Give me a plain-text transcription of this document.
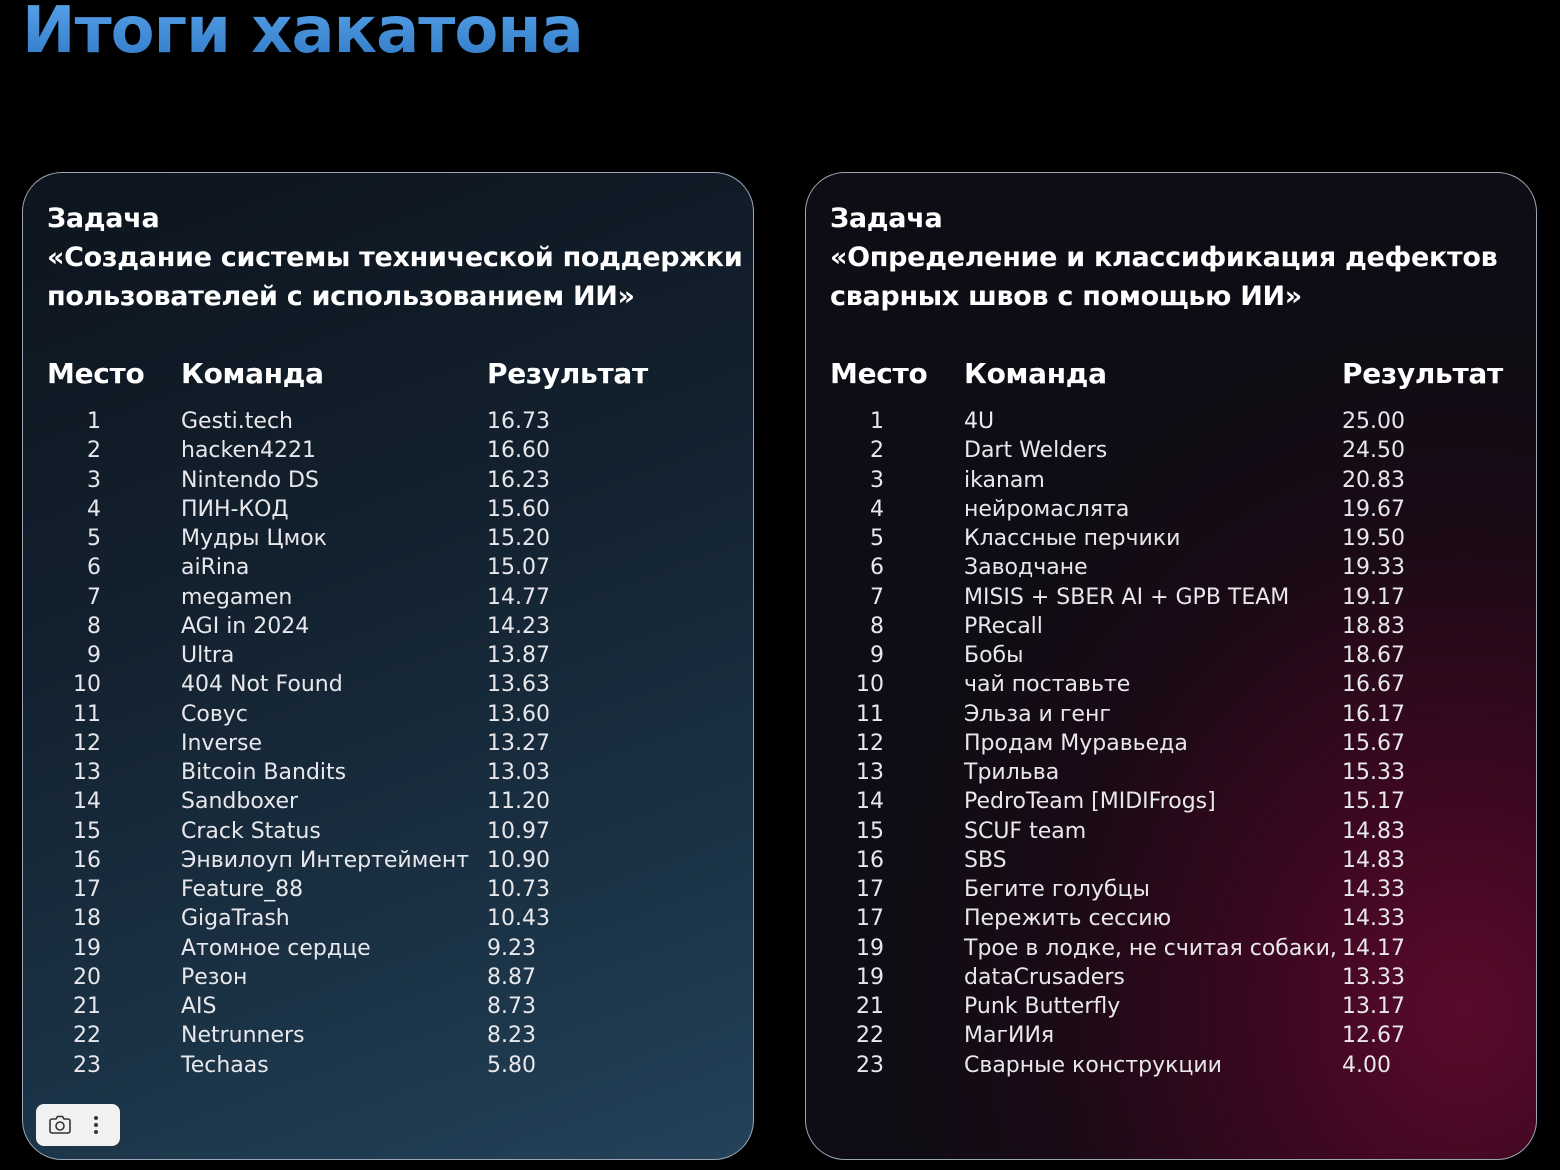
Итоги хакатона
Задача
«Создание системы технической поддержки
пользователей с использованием ИИ»
Место Команда	Результат
1	Gesti.tech	16.73
2	hacken4221	16.60
3	Nintendo DS	16.23
4	ПИН-КОД	15.60
5	Мудры Цмок	15.20
6	aiRina	15.07
7	megamen	14.77
8	AGI in 2024	14.23
9	Ultra	13.87
10	404 Not Found	13.63
11	Совус	13.60
12	Inverse	13.27
13	Bitcoin Bandits	13.03
14	Sandboxer	11.20
15	Crack Status	10.97
16	Энвилоуп Интертеймент 10.90
17	Feature_88	10.73
18	GigaTrash	10.43
19	Атомное сердце	9.23
20	Резон	8.87
21	AIS	8.73
22	Netrunners	8.23
23	Techaas	5.80
Задача
«Определение и классификация дефектов
сварных швов с помощью ИИ»
Место Команда	Результат
1	4U	25.00
2	Dart Welders	24.50
3	ikanam	20.83
4	нейромаслята	19.67
5	Классные перчики	19.50
6	Заводчане	19.33
7	MISIS + SBER AI + GPB TEAM 19.17
8	PRecall	18.83
9	Бобы	18.67
10	чай поставьте	16.67
11	Эльза и генг	16.17
12	Продам Муравьеда	15.67
13	Трильва	15.33
14	PedroTeam [MIDIFrogs]	15.17
15	SCUF team	14.83
16	SBS	14.83
17	Бегите голубцы	14.33
17	Пережить сессию	14.33
19	Трое в лодке, не считая собаки, 14.17
19	dataCrusaders	13.33
21	Punk Butterfly	13.17
22	МагИИя	12.67
23	Сварные конструкции	4.00
